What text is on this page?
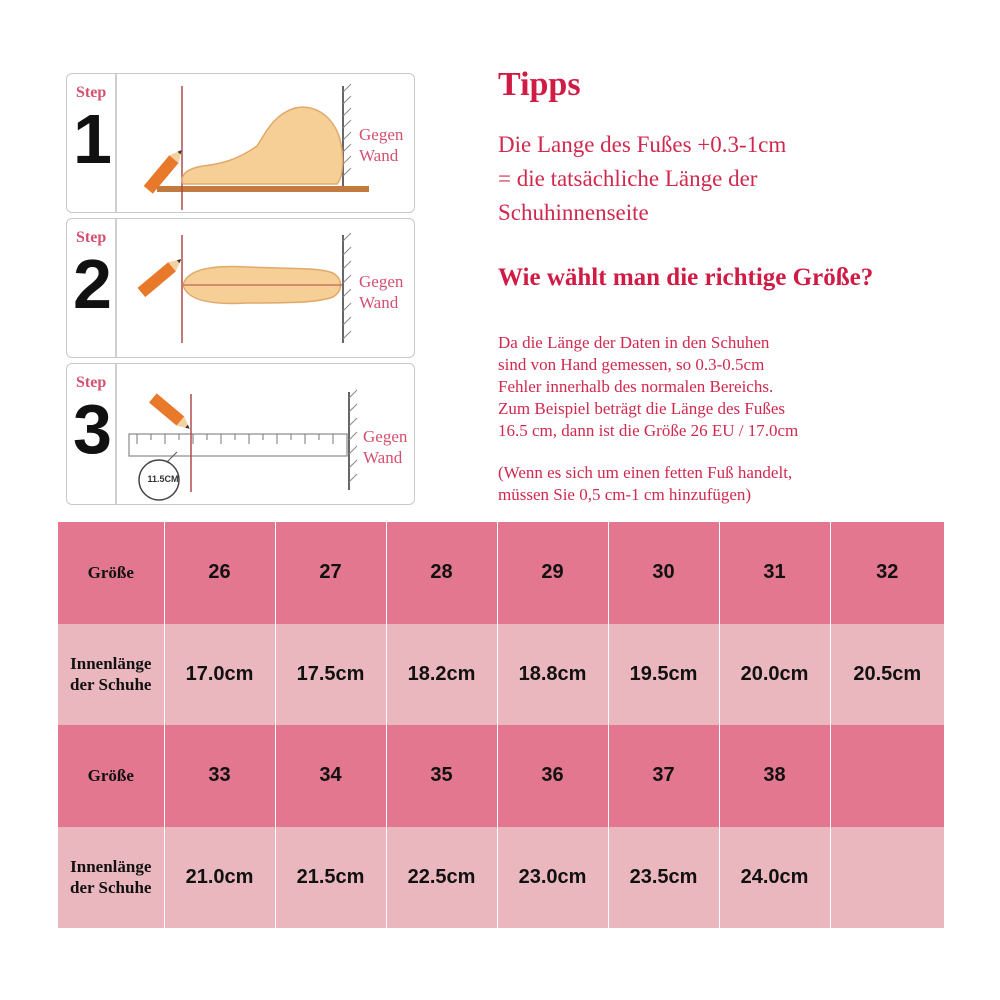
Step
1	Gegen
Wand
Step
2	Gegen
Wand
Step
3
11.5CM
Gegen
Wand
Tipps

Die Lange des Fußes +0.3-1cm
= die tatsächliche Länge der
Schuhinnenseite

Wie wählt man die richtige Größe?
Da die Länge der Daten in den Schuhen
sind von Hand gemessen, so 0.3-0.5cm
Fehler innerhalb des normalen Bereichs.
Zum Beispiel beträgt die Länge des Fußes
16.5 cm, dann ist die Größe 26 EU / 17.0cm
(Wenn es sich um einen fetten Fuß handelt,
müssen Sie 0,5 cm-1 cm hinzufügen)
Größe	26	27	28	29	30	31	32
Innenlänge
der Schuhe	17.0cm	17.5cm	18.2cm	18.8cm	19.5cm	20.0cm	20.5cm
Größe	33	34	35	36	37	38	
Innenlänge
der Schuhe	21.0cm	21.5cm	22.5cm	23.0cm	23.5cm	24.0cm	
